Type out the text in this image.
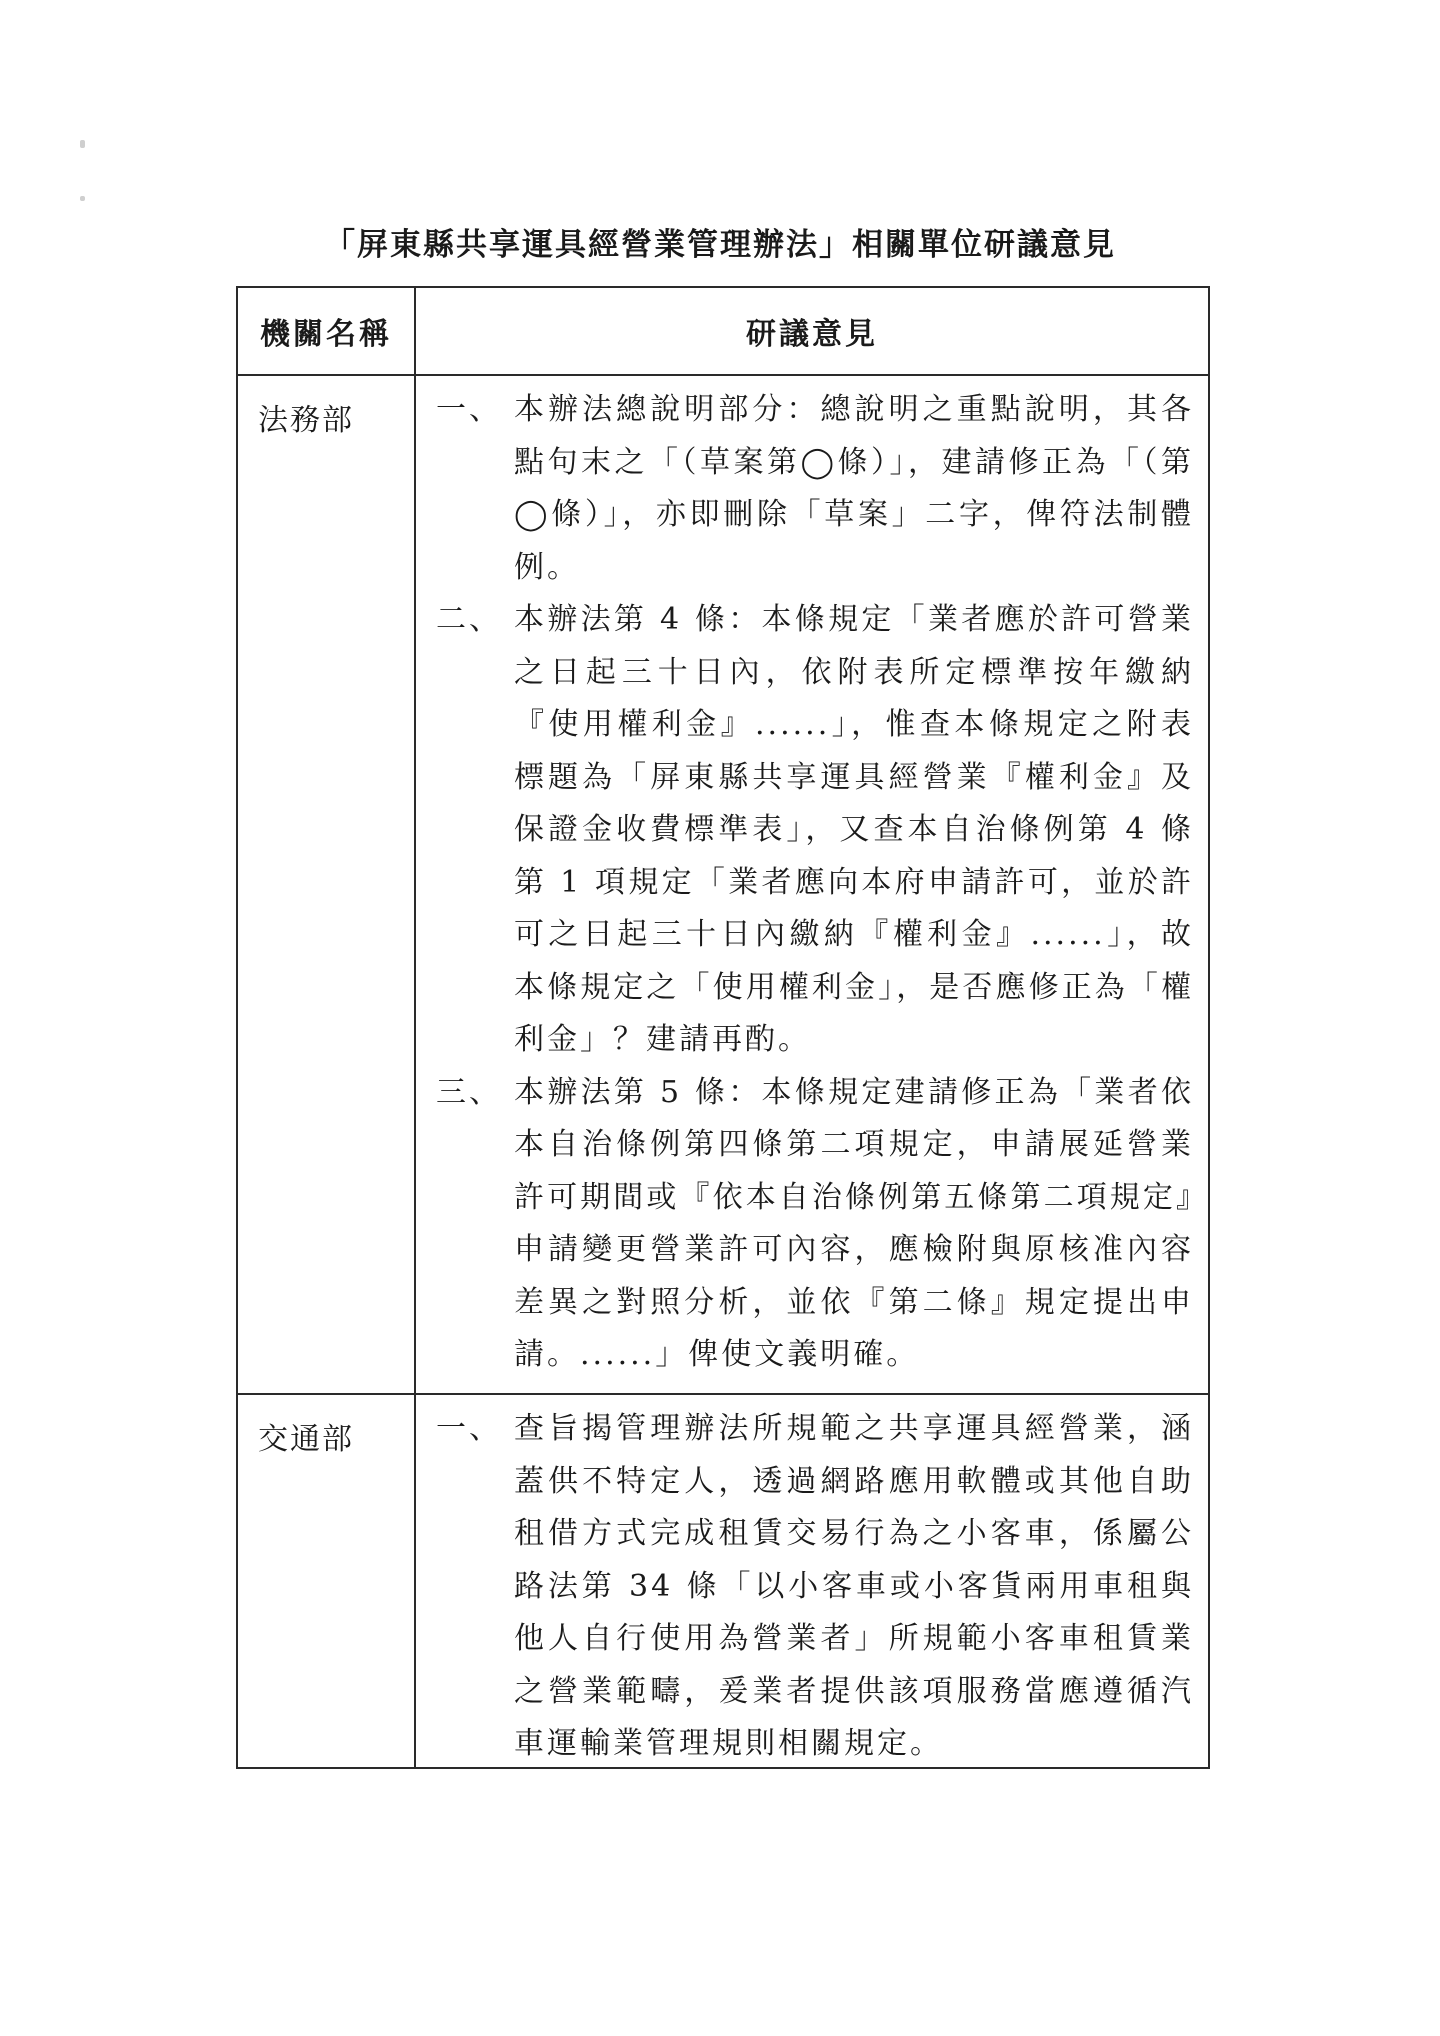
「屏東縣共享運具經營業管理辦法」相關單位研議意見
機關名稱	研議意見
法務部	一、 本辦法總說明部分：總說明之重點說明，其各點句末之「（草案第◯條）」，建請修正為「（第◯條）」，亦即刪除「草案」二字，俾符法制體例。
二、 本辦法第 4 條：本條規定「業者應於許可營業之日起三十日內，依附表所定標準按年繳納『使用權利金』......」，惟查本條規定之附表標題為「屏東縣共享運具經營業『權利金』及保證金收費標準表」，又查本自治條例第 4 條第 1 項規定「業者應向本府申請許可，並於許可之日起三十日內繳納『權利金』......」，故本條規定之「使用權利金」，是否應修正為「權利金」？建請再酌。
三、 本辦法第 5 條：本條規定建請修正為「業者依本自治條例第四條第二項規定，申請展延營業許可期間或『依本自治條例第五條第二項規定』申請變更營業許可內容，應檢附與原核准內容差異之對照分析，並依『第二條』規定提出申請。......」俾使文義明確。
交通部	一、 查旨揭管理辦法所規範之共享運具經營業，涵蓋供不特定人，透過網路應用軟體或其他自助租借方式完成租賃交易行為之小客車，係屬公路法第 34 條「以小客車或小客貨兩用車租與他人自行使用為營業者」所規範小客車租賃業之營業範疇，爰業者提供該項服務當應遵循汽車運輸業管理規則相關規定。
